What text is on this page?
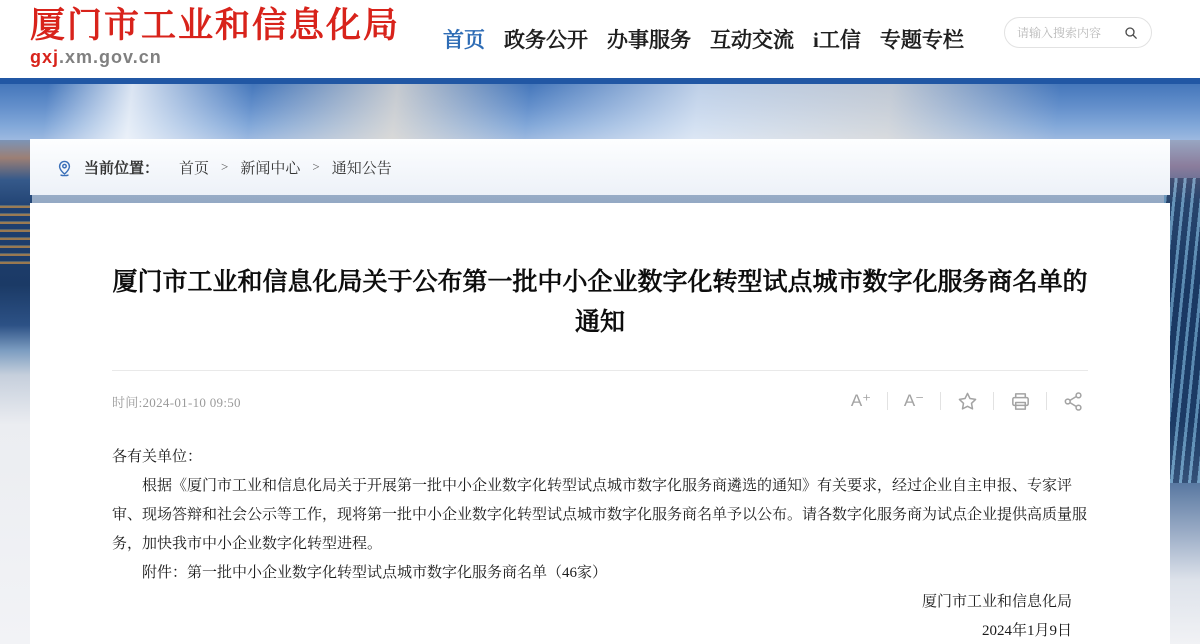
厦门市工业和信息化局
gxj.xm.gov.cn
首页 政务公开 办事服务 互动交流 i工信 专题专栏
请输入搜索内容
当前位置： 首页 > 新闻中心 > 通知公告
厦门市工业和信息化局关于公布第一批中小企业数字化转型试点城市数字化服务商名单的通知
时间:2024-01-10 09:50	A⁺ A⁻

各有关单位：

根据《厦门市工业和信息化局关于开展第一批中小企业数字化转型试点城市数字化服务商遴选的通知》有关要求，经过企业自主申报、专家评审、现场答辩和社会公示等工作，现将第一批中小企业数字化转型试点城市数字化服务商名单予以公布。请各数字化服务商为试点企业提供高质量服务，加快我市中小企业数字化转型进程。

附件：第一批中小企业数字化转型试点城市数字化服务商名单（46家）

厦门市工业和信息化局

2024年1月9日
